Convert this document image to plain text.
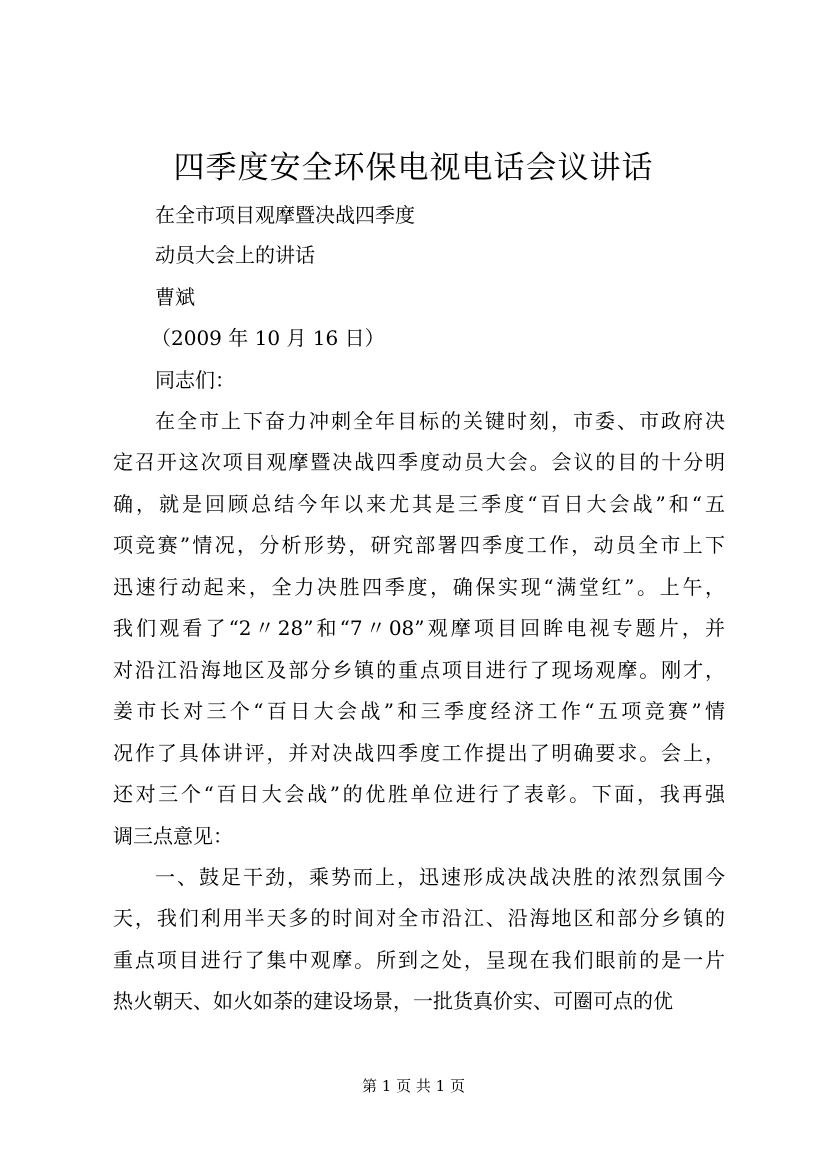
四季度安全环保电视电话会议讲话
在全市项目观摩暨决战四季度
动员大会上的讲话
曹斌
（2009 年 10 月 16 日）
同志们：
在全市上下奋力冲刺全年目标的关键时刻，市委、市政府决
定召开这次项目观摩暨决战四季度动员大会。会议的目的十分明
确，就是回顾总结今年以来尤其是三季度“百日大会战”和“五
项竞赛”情况，分析形势，研究部署四季度工作，动员全市上下
迅速行动起来，全力决胜四季度，确保实现“满堂红”。上午，
我们观看了“2〃28”和“7〃08”观摩项目回眸电视专题片，并
对沿江沿海地区及部分乡镇的重点项目进行了现场观摩。刚才，
姜市长对三个“百日大会战”和三季度经济工作“五项竞赛”情
况作了具体讲评，并对决战四季度工作提出了明确要求。会上，
还对三个“百日大会战”的优胜单位进行了表彰。下面，我再强
调三点意见：
一、鼓足干劲，乘势而上，迅速形成决战决胜的浓烈氛围今
天，我们利用半天多的时间对全市沿江、沿海地区和部分乡镇的
重点项目进行了集中观摩。所到之处，呈现在我们眼前的是一片
热火朝天、如火如荼的建设场景，一批货真价实、可圈可点的优
第 1 页 共 1 页
